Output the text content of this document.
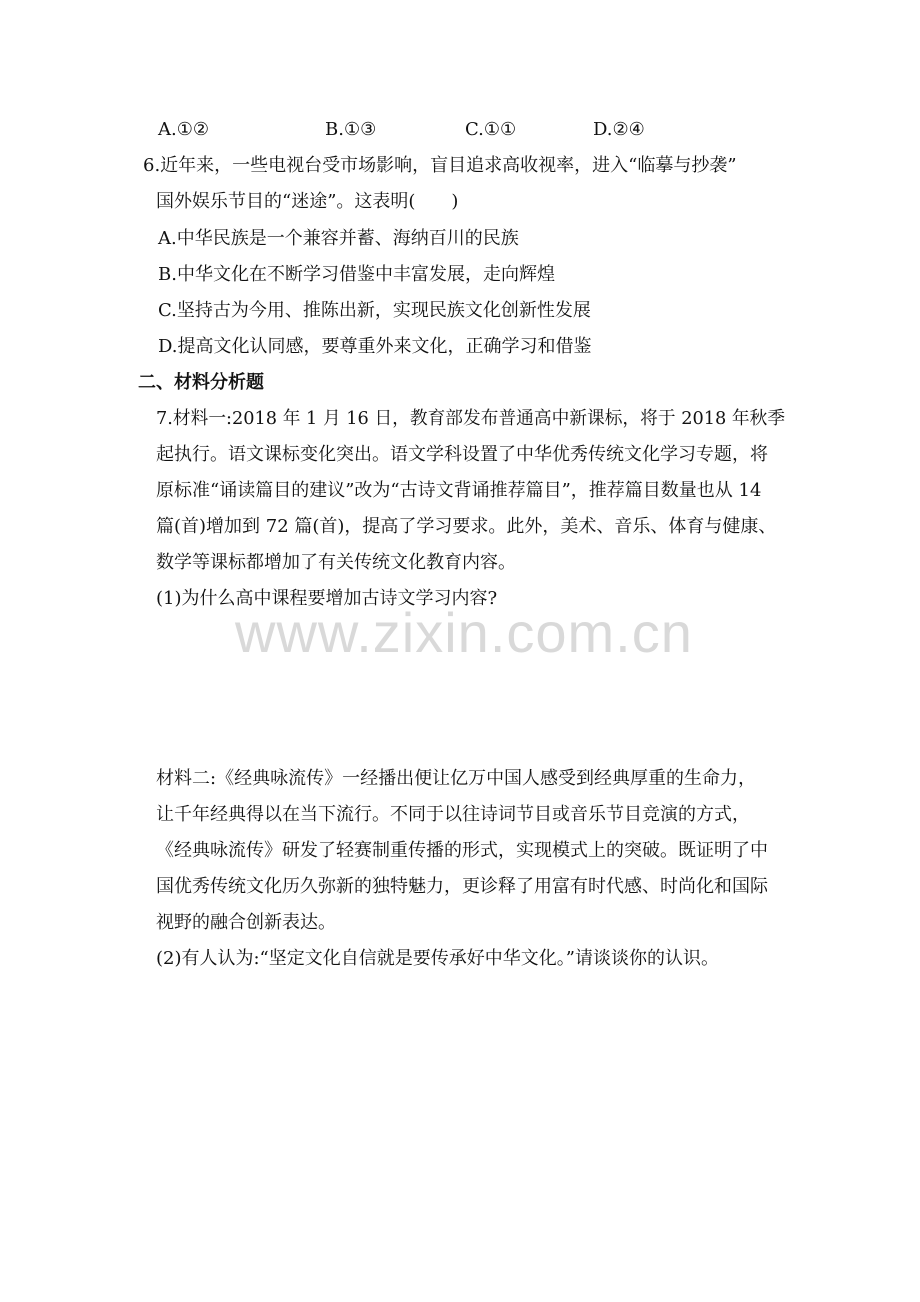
A.①②	B.①③	C.①①	D.②④
6.近年来，一些电视台受市场影响，盲目追求高收视率，进入“临摹与抄袭”
国外娱乐节目的“迷途”。这表明(　　)
A.中华民族是一个兼容并蓄、海纳百川的民族
B.中华文化在不断学习借鉴中丰富发展，走向辉煌
C.坚持古为今用、推陈出新，实现民族文化创新性发展
D.提高文化认同感，要尊重外来文化，正确学习和借鉴
二、材料分析题
7.材料一:2018 年 1 月 16 日，教育部发布普通高中新课标，将于 2018 年秋季
起执行。语文课标变化突出。语文学科设置了中华优秀传统文化学习专题，将
原标准“诵读篇目的建议”改为“古诗文背诵推荐篇目”，推荐篇目数量也从 14
篇(首)增加到 72 篇(首)，提高了学习要求。此外，美术、音乐、体育与健康、
数学等课标都增加了有关传统文化教育内容。
(1)为什么高中课程要增加古诗文学习内容?
www.zixin.com.cn
材料二:《经典咏流传》一经播出便让亿万中国人感受到经典厚重的生命力，
让千年经典得以在当下流行。不同于以往诗词节目或音乐节目竞演的方式，
《经典咏流传》研发了轻赛制重传播的形式，实现模式上的突破。既证明了中
国优秀传统文化历久弥新的独特魅力，更诊释了用富有时代感、时尚化和国际
视野的融合创新表达。
(2)有人认为:“坚定文化自信就是要传承好中华文化。”请谈谈你的认识。
